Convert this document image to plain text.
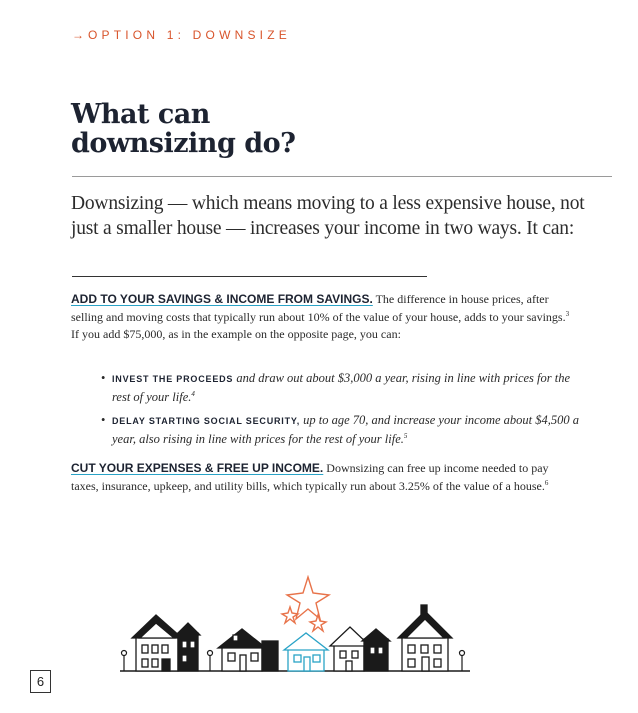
→ OPTION 1: DOWNSIZE
What can
downsizing do?
Downsizing — which means moving to a less expensive house, not just a smaller house — increases your income in two ways. It can:

ADD TO YOUR SAVINGS & INCOME FROM SAVINGS. The difference in house prices, after selling and moving costs that typically run about 10% of the value of your house, adds to your savings.$^3$ If you add $75,000, as in the example on the opposite page, you can:

• INVEST THE PROCEEDS and draw out about $3,000 a year, rising in line with prices for the rest of your life.$^4$
• DELAY STARTING SOCIAL SECURITY, up to age 70, and increase your income about $4,500 a year, also rising in line with prices for the rest of your life.$^5$

CUT YOUR EXPENSES & FREE UP INCOME. Downsizing can free up income needed to pay taxes, insurance, upkeep, and utility bills, which typically run about 3.25% of the value of a house.$^6$

6
